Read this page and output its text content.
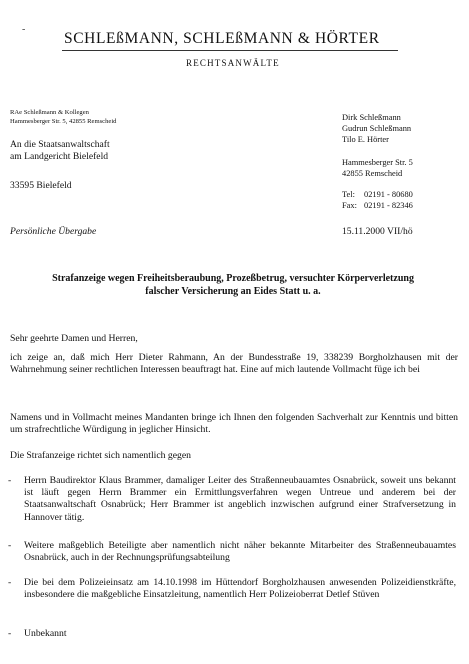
-
SCHLEßMANN, SCHLEßMANN & HÖRTER
RECHTSANWÄLTE
RAe Schleßmann & Kollegen
Hammesberger Str. 5, 42855 Remscheid
An die Staatsanwaltschaft
am Landgericht Bielefeld
33595 Bielefeld
Dirk Schleßmann
Gudrun Schleßmann
Tilo E. Hörter
Hammesberger Str. 5
42855 Remscheid
Tel: 02191 - 80680
Fax: 02191 - 82346
Persönliche Übergabe	15.11.2000 VII/hö
Strafanzeige wegen Freiheitsberaubung, Prozeßbetrug, versuchter Körperverletzung
falscher Versicherung an Eides Statt u. a.
Sehr geehrte Damen und Herren,
ich zeige an, daß mich Herr Dieter Rahmann, An der Bundesstraße 19, 338239 Borgholzhausen mit der Wahrnehmung seiner rechtlichen Interessen beauftragt hat. Eine auf mich lautende Vollmacht füge ich bei
Namens und in Vollmacht meines Mandanten bringe ich Ihnen den folgenden Sachverhalt zur Kenntnis und bitten um strafrechtliche Würdigung in jeglicher Hinsicht.
Die Strafanzeige richtet sich namentlich gegen
- Herrn Baudirektor Klaus Brammer, damaliger Leiter des Straßenneubauamtes Osnabrück, soweit uns bekannt ist läuft gegen Herrn Brammer ein Ermittlungsverfahren wegen Untreue und anderem bei der Staatsanwaltschaft Osnabrück; Herr Brammer ist angeblich inzwischen aufgrund einer Strafversetzung in Hannover tätig.
- Weitere maßgeblich Beteiligte aber namentlich nicht näher bekannte Mitarbeiter des Straßenneubauamtes Osnabrück, auch in der Rechnungsprüfungsabteilung
- Die bei dem Polizeieinsatz am 14.10.1998 im Hüttendorf Borgholzhausen anwesenden Polizeidienstkräfte, insbesondere die maßgebliche Einsatzleitung, namentlich Herr Polizeioberrat Detlef Stüven
- Unbekannt
